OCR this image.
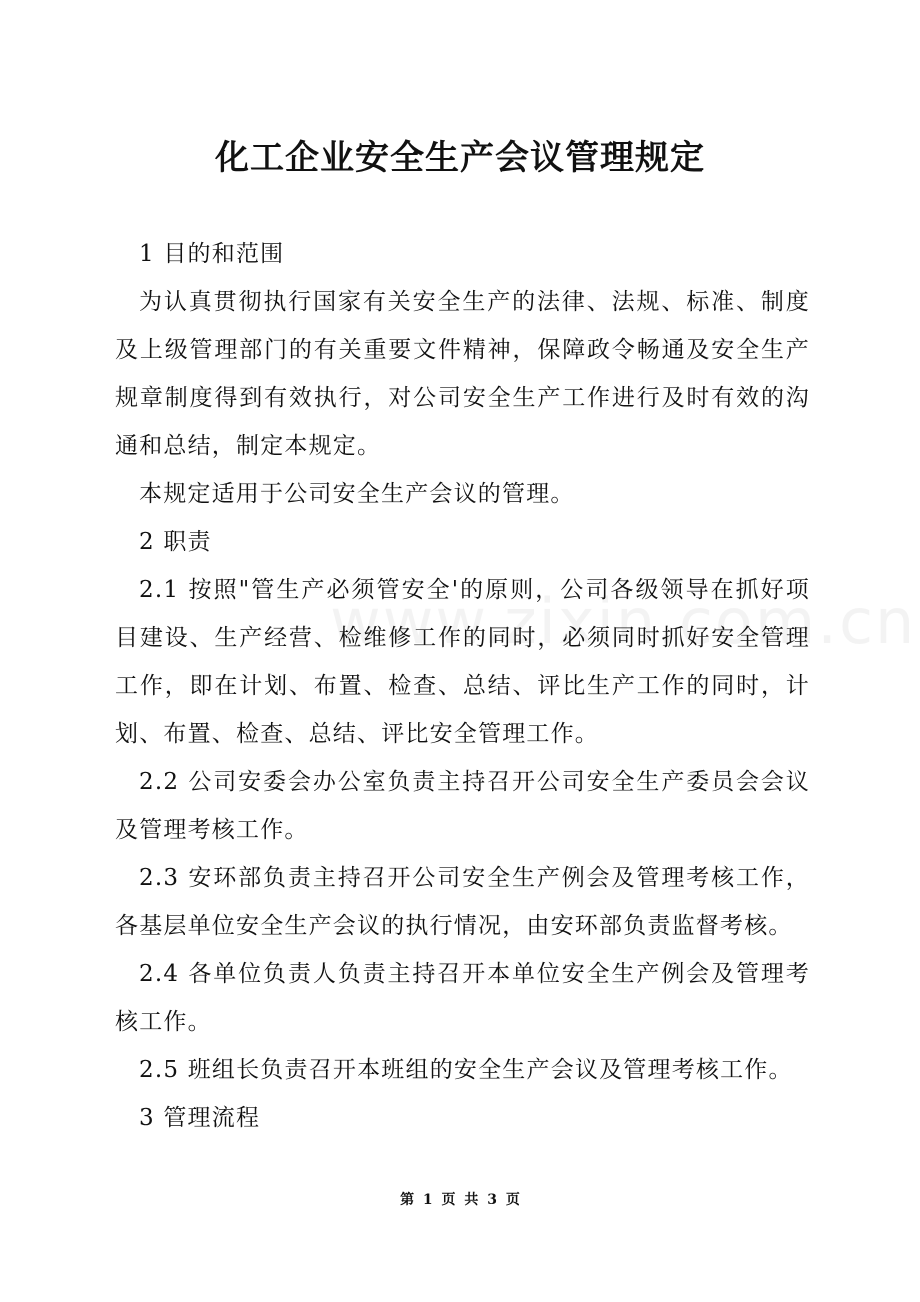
化工企业安全生产会议管理规定

1 目的和范围

为认真贯彻执行国家有关安全生产的法律、法规、标准、制度及上级管理部门的有关重要文件精神，保障政令畅通及安全生产规章制度得到有效执行，对公司安全生产工作进行及时有效的沟通和总结，制定本规定。

本规定适用于公司安全生产会议的管理。

2 职责

2.1 按照"管生产必须管安全'的原则，公司各级领导在抓好项目建设、生产经营、检维修工作的同时，必须同时抓好安全管理工作，即在计划、布置、检查、总结、评比生产工作的同时，计划、布置、检查、总结、评比安全管理工作。

2.2 公司安委会办公室负责主持召开公司安全生产委员会会议及管理考核工作。

2.3 安环部负责主持召开公司安全生产例会及管理考核工作，各基层单位安全生产会议的执行情况，由安环部负责监督考核。

2.4 各单位负责人负责主持召开本单位安全生产例会及管理考核工作。

2.5 班组长负责召开本班组的安全生产会议及管理考核工作。

3 管理流程

第 1 页 共 3 页
